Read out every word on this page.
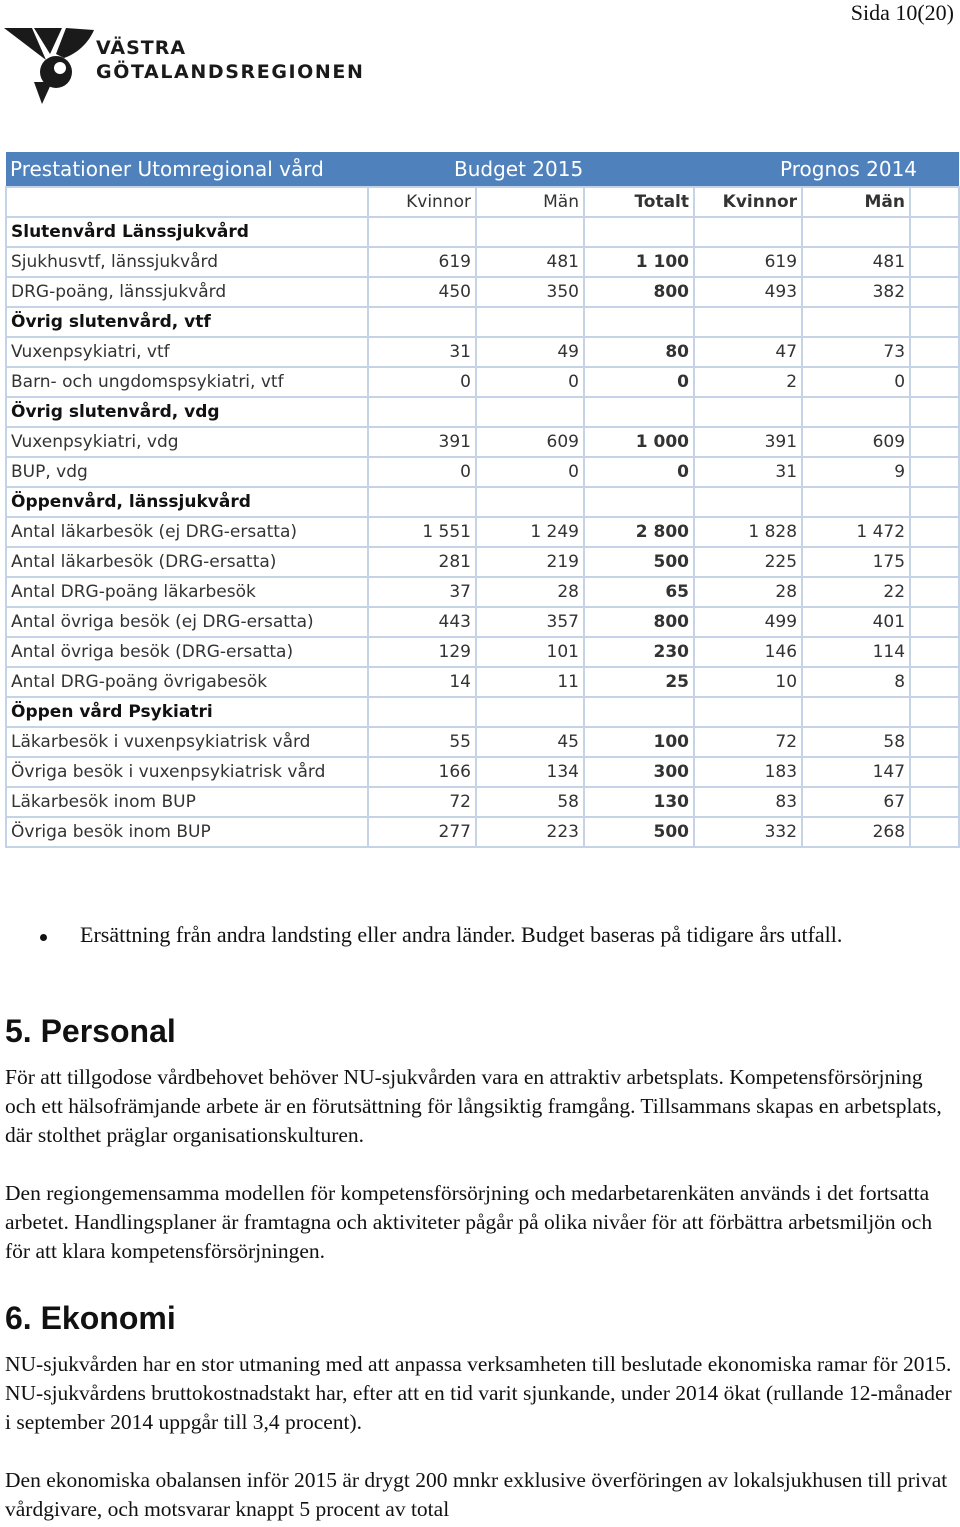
Sida 10(20)
VÄSTRA
GÖTALANDSREGIONEN
Prestationer Utomregional vård	Budget 2015			Prognos 2014		
	Kvinnor	Män	Totalt	Kvinnor	Män	
Slutenvård Länssjukvård						
Sjukhusvtf, länssjukvård	619	481	1 100	619	481	
DRG-poäng, länssjukvård	450	350	800	493	382	
Övrig slutenvård, vtf						
Vuxenpsykiatri, vtf	31	49	80	47	73	
Barn- och ungdomspsykiatri, vtf	0	0	0	2	0	
Övrig slutenvård, vdg						
Vuxenpsykiatri, vdg	391	609	1 000	391	609	
BUP, vdg	0	0	0	31	9	
Öppenvård, länssjukvård						
Antal läkarbesök (ej DRG-ersatta)	1 551	1 249	2 800	1 828	1 472	
Antal läkarbesök (DRG-ersatta)	281	219	500	225	175	
Antal DRG-poäng läkarbesök	37	28	65	28	22	
Antal övriga besök (ej DRG-ersatta)	443	357	800	499	401	
Antal övriga besök (DRG-ersatta)	129	101	230	146	114	
Antal DRG-poäng övrigabesök	14	11	25	10	8	
Öppen vård Psykiatri						
Läkarbesök i vuxenpsykiatrisk vård	55	45	100	72	58	
Övriga besök i vuxenpsykiatrisk vård	166	134	300	183	147	
Läkarbesök inom BUP	72	58	130	83	67	
Övriga besök inom BUP	277	223	500	332	268	
Ersättning från andra landsting eller andra länder. Budget baseras på tidigare års utfall.
5. Personal

För att tillgodose vårdbehovet behöver NU-sjukvården vara en attraktiv arbetsplats. Kompetensförsörjning och ett hälsofrämjande arbete är en förutsättning för långsiktig framgång. Tillsammans skapas en arbetsplats, där stolthet präglar organisationskulturen.

Den regiongemensamma modellen för kompetensförsörjning och medarbetarenkäten används i det fortsatta arbetet. Handlingsplaner är framtagna och aktiviteter pågår på olika nivåer för att förbättra arbetsmiljön och för att klara kompetensförsörjningen.

6. Ekonomi

NU-sjukvården har en stor utmaning med att anpassa verksamheten till beslutade ekonomiska ramar för 2015. NU-sjukvårdens bruttokostnadstakt har, efter att en tid varit sjunkande, under 2014 ökat (rullande 12-månader i september 2014 uppgår till 3,4 procent).

Den ekonomiska obalansen inför 2015 är drygt 200 mnkr exklusive överföringen av lokalsjukhusen till privat vårdgivare, och motsvarar knappt 5 procent av total
